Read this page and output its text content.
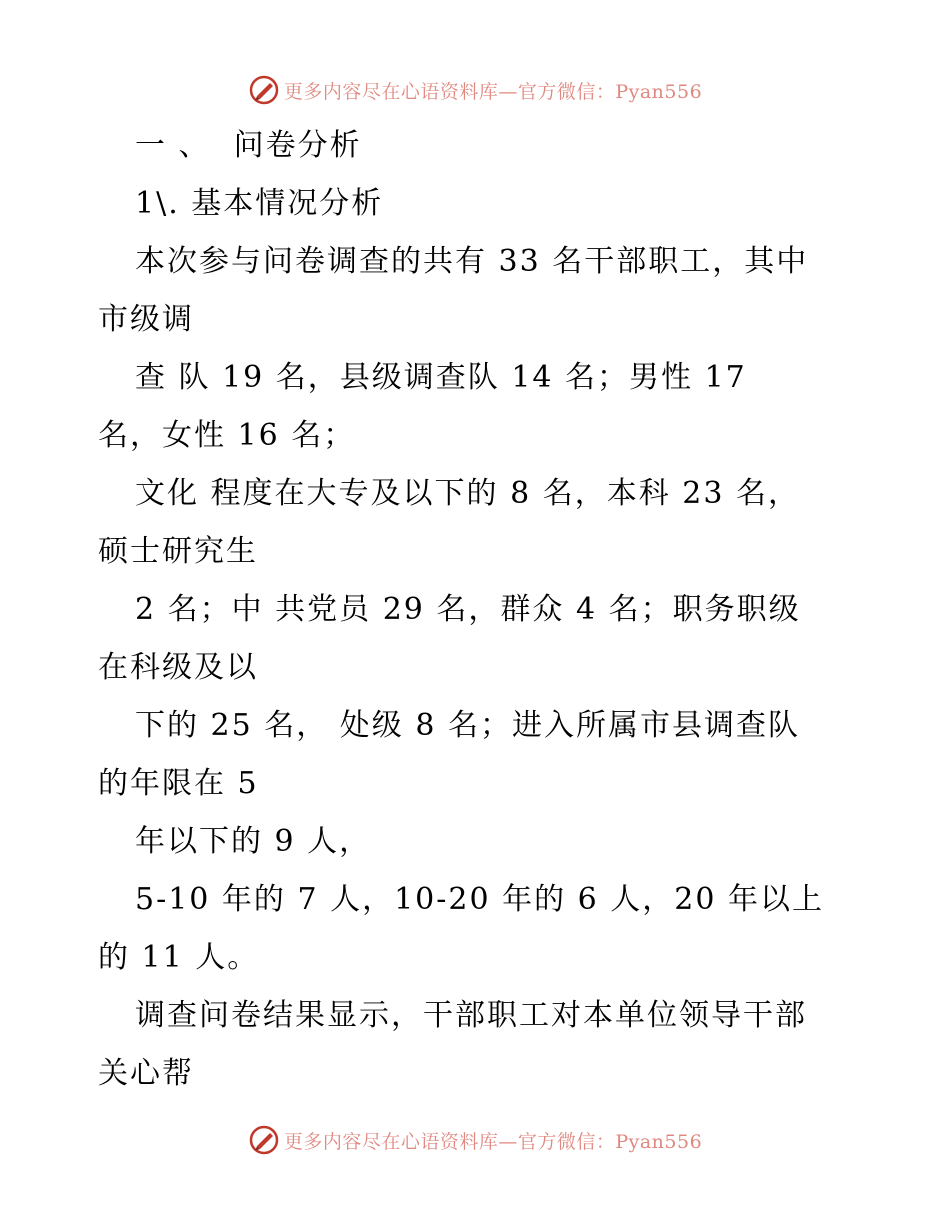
更多内容尽在心语资料库—官方微信：Pyan556
一 、  问卷分析
1\. 基本情况分析
本次参与问卷调查的共有 33 名干部职工，其中
市级调
查 队 19 名，县级调查队 14 名；男性 17
名，女性 16 名；
文化 程度在大专及以下的 8 名，本科 23 名，
硕士研究生
2 名；中 共党员 29 名，群众 4 名；职务职级
在科级及以
下的 25 名， 处级 8 名；进入所属市县调查队
的年限在 5
年以下的 9 人，
5-10 年的 7 人，10-20 年的 6 人，20 年以上
的 11 人。
调查问卷结果显示，干部职工对本单位领导干部
关心帮
更多内容尽在心语资料库—官方微信：Pyan556
